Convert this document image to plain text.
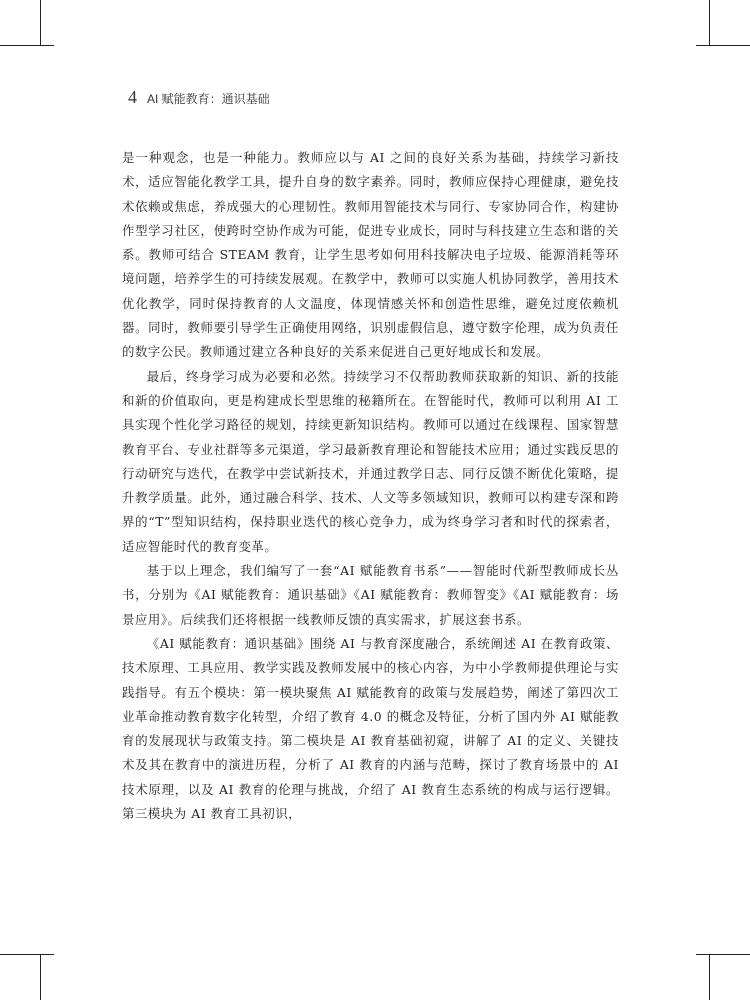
4 AI 赋能教育：通识基础

是一种观念，也是一种能力。教师应以与 AI 之间的良好关系为基础，持续学习新技术，适应智能化教学工具，提升自身的数字素养。同时，教师应保持心理健康，避免技术依赖或焦虑，养成强大的心理韧性。教师用智能技术与同行、专家协同合作，构建协作型学习社区，使跨时空协作成为可能，促进专业成长，同时与科技建立生态和谐的关系。教师可结合 STEAM 教育，让学生思考如何用科技解决电子垃圾、能源消耗等环境问题，培养学生的可持续发展观。在教学中，教师可以实施人机协同教学，善用技术优化教学，同时保持教育的人文温度，体现情感关怀和创造性思维，避免过度依赖机器。同时，教师要引导学生正确使用网络，识别虚假信息，遵守数字伦理，成为负责任的数字公民。教师通过建立各种良好的关系来促进自己更好地成长和发展。

最后，终身学习成为必要和必然。持续学习不仅帮助教师获取新的知识、新的技能和新的价值取向，更是构建成长型思维的秘籍所在。在智能时代，教师可以利用 AI 工具实现个性化学习路径的规划，持续更新知识结构。教师可以通过在线课程、国家智慧教育平台、专业社群等多元渠道，学习最新教育理论和智能技术应用；通过实践反思的行动研究与迭代，在教学中尝试新技术，并通过教学日志、同行反馈不断优化策略，提升教学质量。此外，通过融合科学、技术、人文等多领域知识，教师可以构建专深和跨界的“T”型知识结构，保持职业迭代的核心竞争力，成为终身学习者和时代的探索者，适应智能时代的教育变革。

基于以上理念，我们编写了一套“AI 赋能教育书系”——智能时代新型教师成长丛书，分别为《AI 赋能教育：通识基础》《AI 赋能教育：教师智变》《AI 赋能教育：场景应用》。后续我们还将根据一线教师反馈的真实需求，扩展这套书系。

《AI 赋能教育：通识基础》围绕 AI 与教育深度融合，系统阐述 AI 在教育政策、技术原理、工具应用、教学实践及教师发展中的核心内容，为中小学教师提供理论与实践指导。有五个模块：第一模块聚焦 AI 赋能教育的政策与发展趋势，阐述了第四次工业革命推动教育数字化转型，介绍了教育 4.0 的概念及特征，分析了国内外 AI 赋能教育的发展现状与政策支持。第二模块是 AI 教育基础初窥，讲解了 AI 的定义、关键技术及其在教育中的演进历程，分析了 AI 教育的内涵与范畴，探讨了教育场景中的 AI 技术原理，以及 AI 教育的伦理与挑战，介绍了 AI 教育生态系统的构成与运行逻辑。第三模块为 AI 教育工具初识，
